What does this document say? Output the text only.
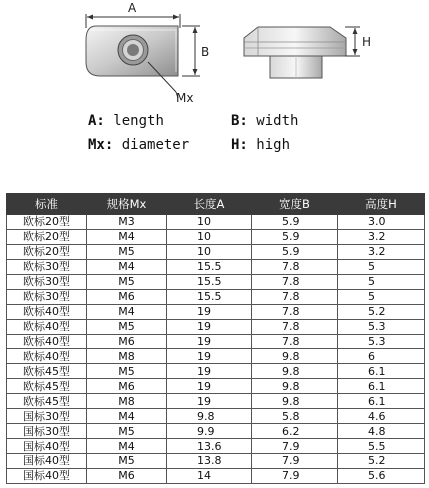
A
B
H
Mx
A: length	B: width
Mx: diameter	H: high
标准	规格Mx	长度A	宽度B	高度H
欧标20型	M3	10	5.9	3.0
欧标20型	M4	10	5.9	3.2
欧标20型	M5	10	5.9	3.2
欧标30型	M4	15.5	7.8	5
欧标30型	M5	15.5	7.8	5
欧标30型	M6	15.5	7.8	5
欧标40型	M4	19	7.8	5.2
欧标40型	M5	19	7.8	5.3
欧标40型	M6	19	7.8	5.3
欧标40型	M8	19	9.8	6
欧标45型	M5	19	9.8	6.1
欧标45型	M6	19	9.8	6.1
欧标45型	M8	19	9.8	6.1
国标30型	M4	9.8	5.8	4.6
国标30型	M5	9.9	6.2	4.8
国标40型	M4	13.6	7.9	5.5
国标40型	M5	13.8	7.9	5.2
国标40型	M6	14	7.9	5.6
